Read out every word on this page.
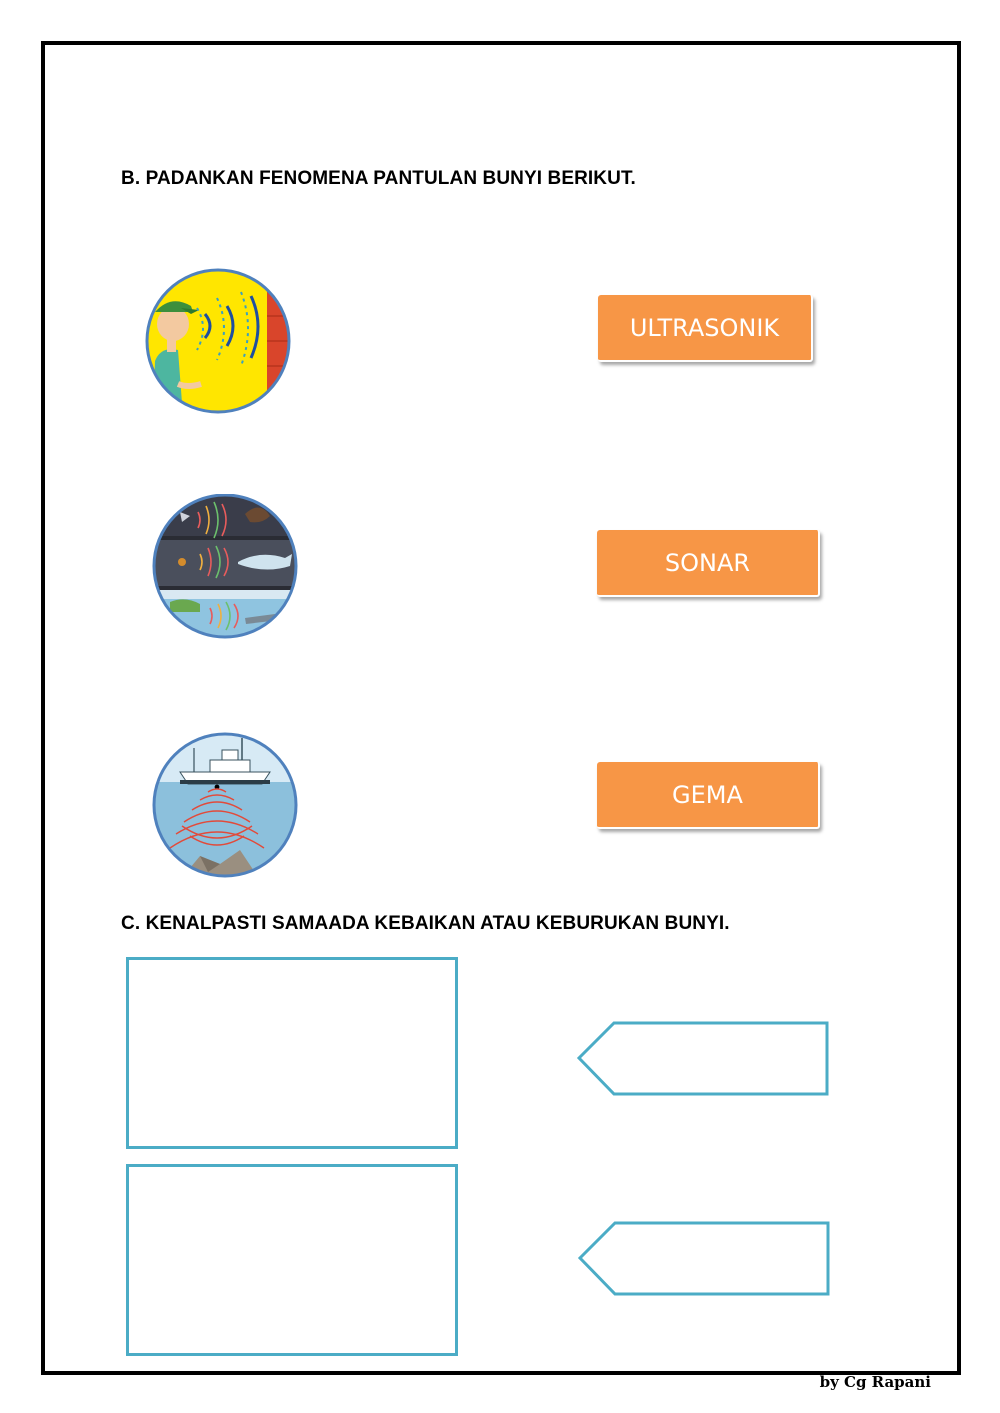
B. PADANKAN FENOMENA PANTULAN BUNYI BERIKUT.
ULTRASONIK
SONAR
GEMA
C. KENALPASTI SAMAADA KEBAIKAN ATAU KEBURUKAN BUNYI.
by Cg Rapani
